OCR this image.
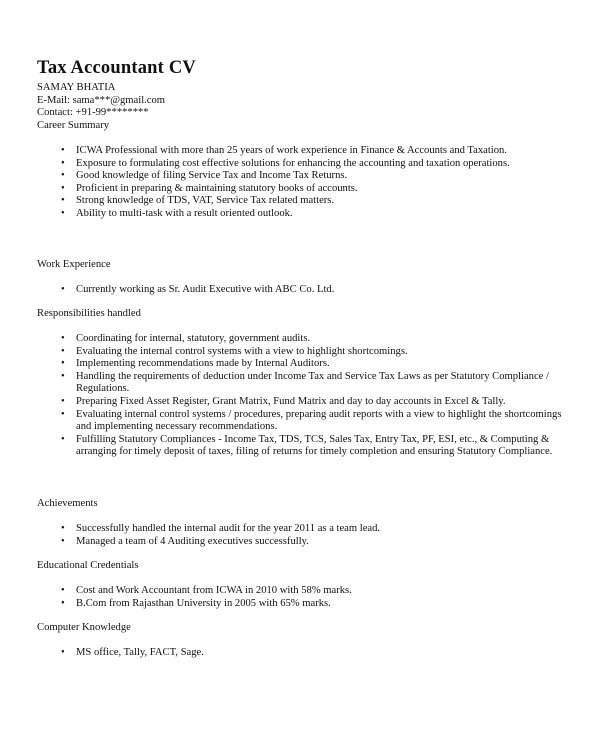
Tax Accountant CV
SAMAY BHATIA
E-Mail: sama***@gmail.com
Contact: +91-99********
Career Summary
• ICWA Professional with more than 25 years of work experience in Finance & Accounts and Taxation.
• Exposure to formulating cost effective solutions for enhancing the accounting and taxation operations.
• Good knowledge of filing Service Tax and Income Tax Returns.
• Proficient in preparing & maintaining statutory books of accounts.
• Strong knowledge of TDS, VAT, Service Tax related matters.
• Ability to multi-task with a result oriented outlook.
Work Experience
• Currently working as Sr. Audit Executive with ABC Co. Ltd.
Responsibilities handled
• Coordinating for internal, statutory, government audits.
• Evaluating the internal control systems with a view to highlight shortcomings.
• Implementing recommendations made by Internal Auditors.
• Handling the requirements of deduction under Income Tax and Service Tax Laws as per Statutory Compliance / Regulations.
• Preparing Fixed Asset Register, Grant Matrix, Fund Matrix and day to day accounts in Excel & Tally.
• Evaluating internal control systems / procedures, preparing audit reports with a view to highlight the shortcomings and implementing necessary recommendations.
• Fulfilling Statutory Compliances - Income Tax, TDS, TCS, Sales Tax, Entry Tax, PF, ESI, etc., & Computing & arranging for timely deposit of taxes, filing of returns for timely completion and ensuring Statutory Compliance.
Achievements
• Successfully handled the internal audit for the year 2011 as a team lead.
• Managed a team of 4 Auditing executives successfully.
Educational Credentials
• Cost and Work Accountant from ICWA in 2010 with 58% marks.
• B.Com from Rajasthan University in 2005 with 65% marks.
Computer Knowledge
• MS office, Tally, FACT, Sage.
